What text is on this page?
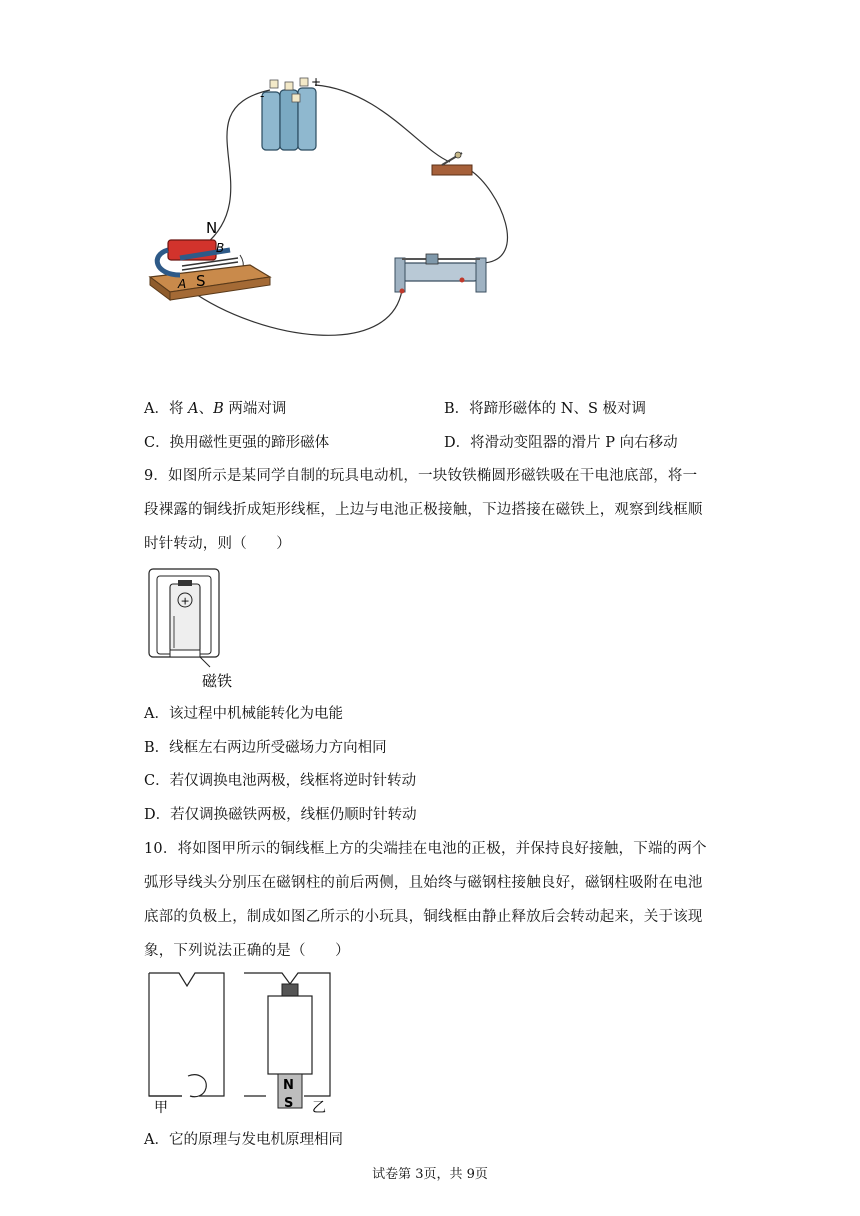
-
+
N
B
A S
A．将 A、B 两端对调	B．将蹄形磁体的 N、S 极对调
C．换用磁性更强的蹄形磁体	D．将滑动变阻器的滑片 P 向右移动
9．如图所示是某同学自制的玩具电动机，一块钕铁椭圆形磁铁吸在干电池底部，将一
段裸露的铜线折成矩形线框，上边与电池正极接触，下边搭接在磁铁上，观察到线框顺
时针转动，则（　　）
+
磁铁
A．该过程中机械能转化为电能
B．线框左右两边所受磁场力方向相同
C．若仅调换电池两极，线框将逆时针转动
D．若仅调换磁铁两极，线框仍顺时针转动
10．将如图甲所示的铜线框上方的尖端挂在电池的正极，并保持良好接触，下端的两个
弧形导线头分别压在磁钢柱的前后两侧，且始终与磁钢柱接触良好，磁钢柱吸附在电池
底部的负极上，制成如图乙所示的小玩具，铜线框由静止释放后会转动起来，关于该现
象，下列说法正确的是（　　）
甲
N
S 乙
A．它的原理与发电机原理相同
试卷第 3页，共 9页
